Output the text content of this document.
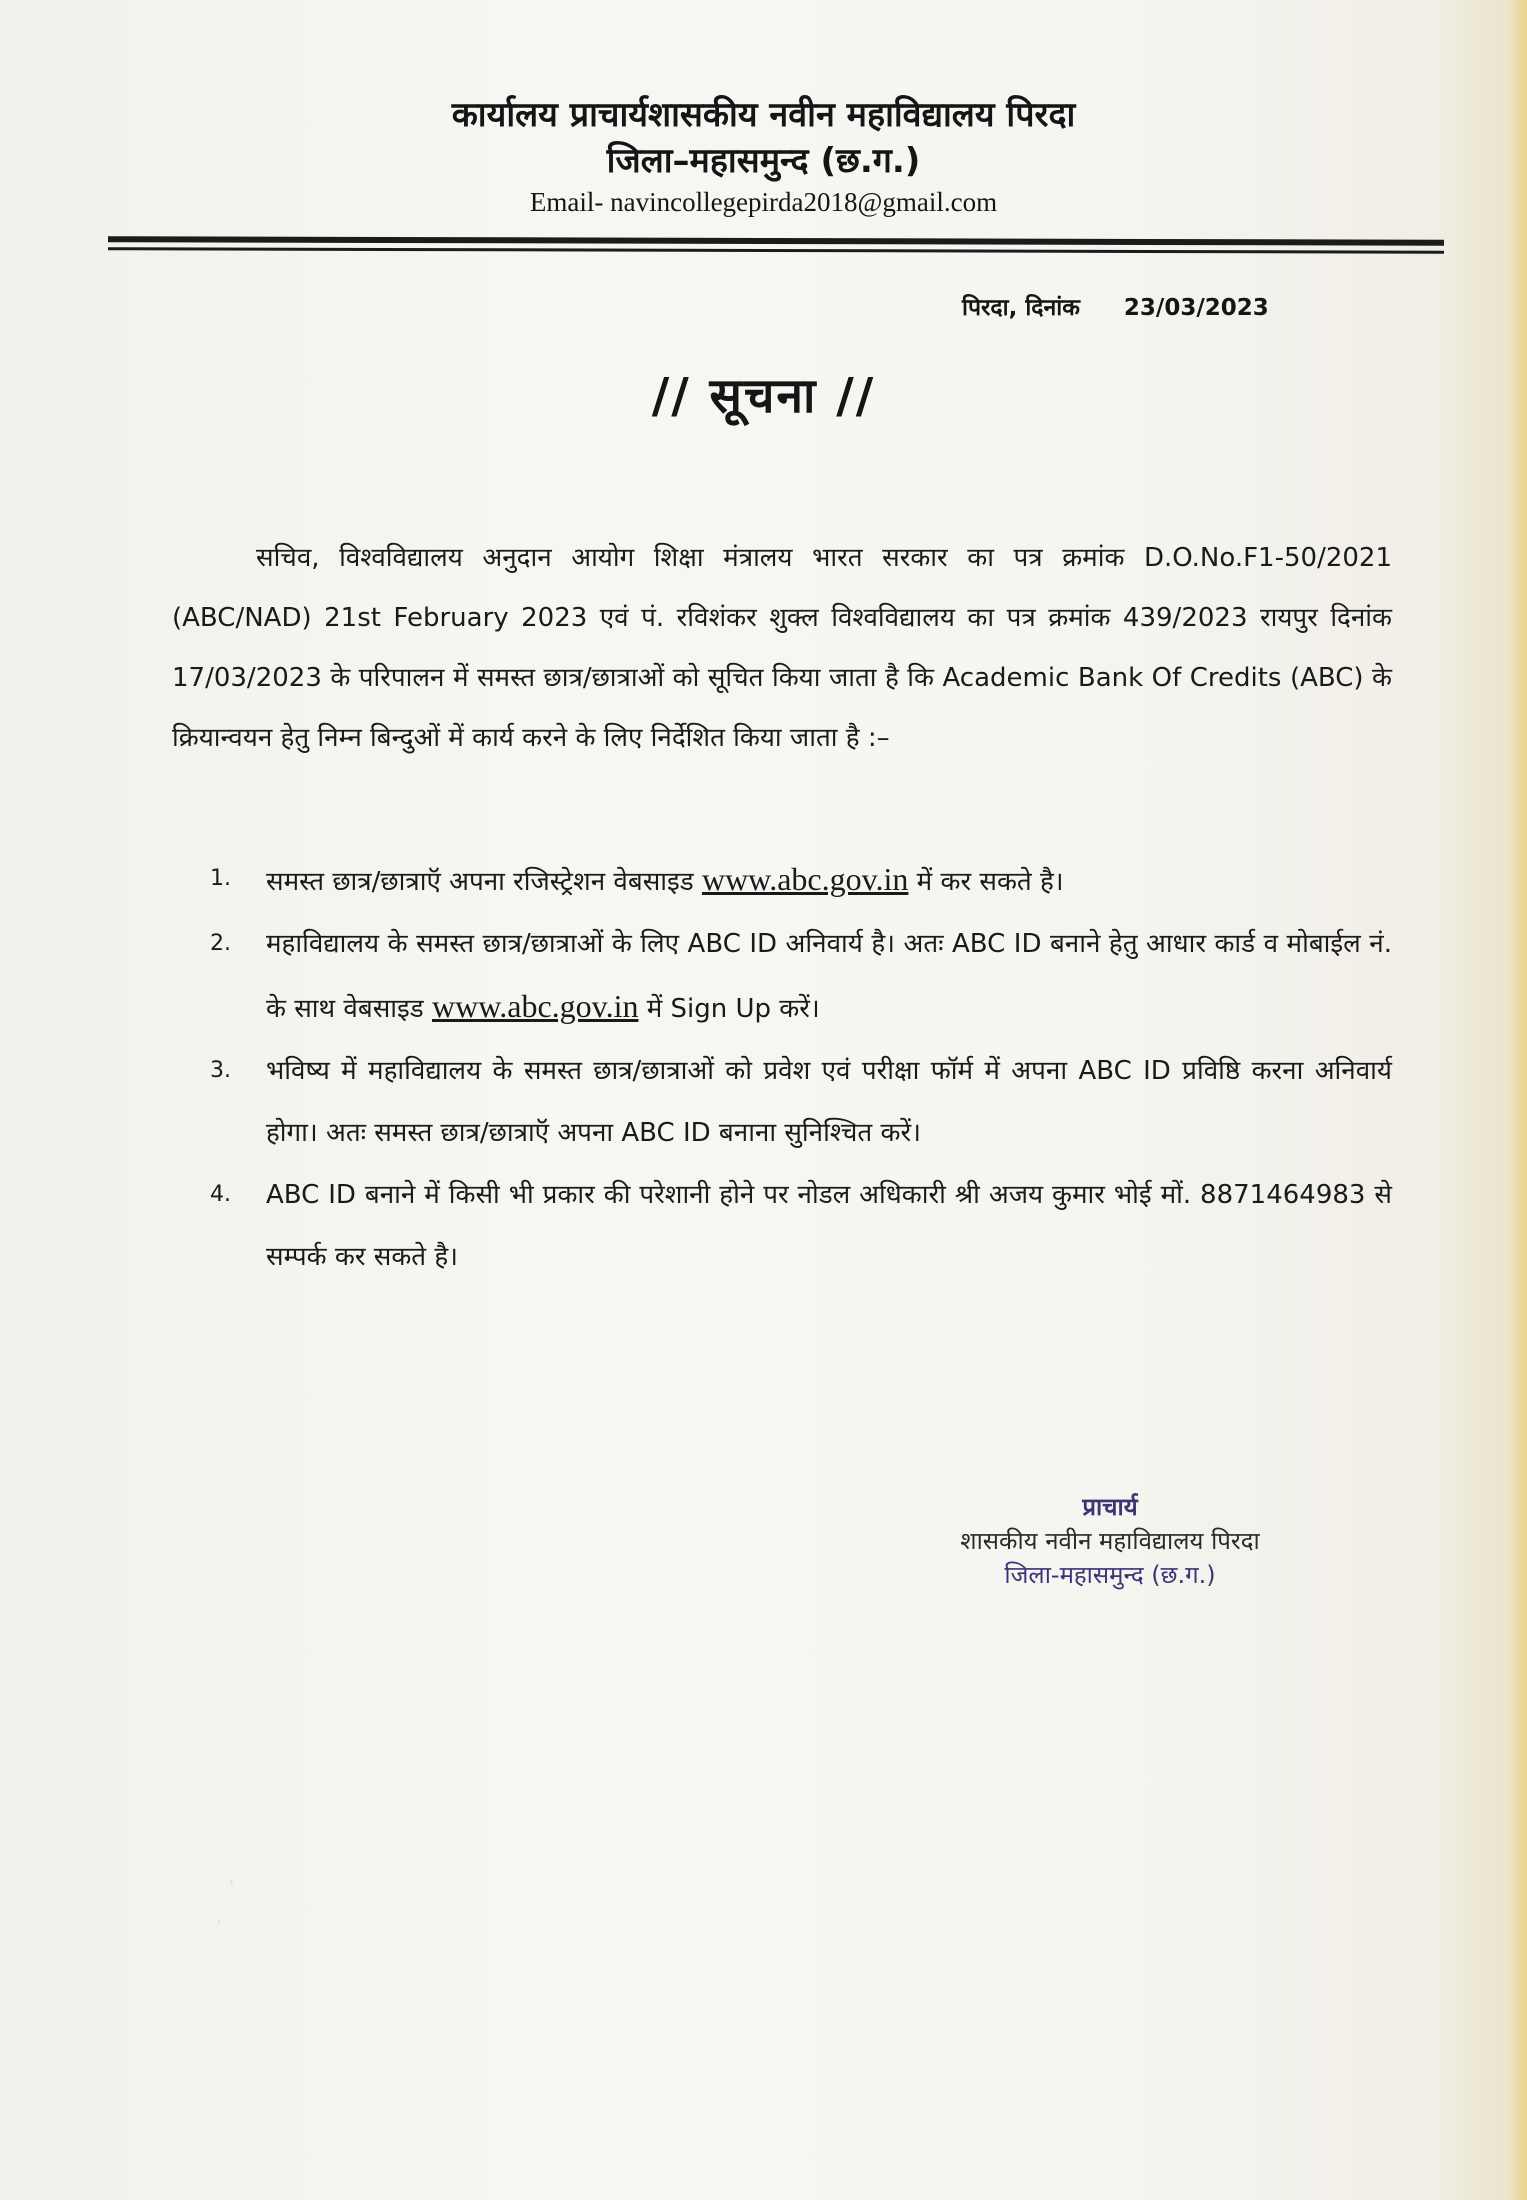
कार्यालय प्राचार्यशासकीय नवीन महाविद्यालय पिरदा
जिला–महासमुन्द (छ.ग.)
Email- navincollegepirda2018@gmail.com
पिरदा, दिनांक 23/03/2023
// सूचना //
सचिव, विश्वविद्यालय अनुदान आयोग शिक्षा मंत्रालय भारत सरकार का पत्र क्रमांक D.O.No.F1-50/2021 (ABC/NAD) 21st February 2023 एवं पं. रविशंकर शुक्ल विश्वविद्यालय का पत्र क्रमांक 439/2023 रायपुर दिनांक 17/03/2023 के परिपालन में समस्त छात्र/छात्राओं को सूचित किया जाता है कि Academic Bank Of Credits (ABC) के क्रियान्वयन हेतु निम्न बिन्दुओं में कार्य करने के लिए निर्देशित किया जाता है :–
1. समस्त छात्र/छात्राऍ अपना रजिस्ट्रेशन वेबसाइड www.abc.gov.in में कर सकते है।
2. महाविद्यालय के समस्त छात्र/छात्राओं के लिए ABC ID अनिवार्य है। अतः ABC ID बनाने हेतु आधार कार्ड व मोबाईल नं. के साथ वेबसाइड www.abc.gov.in में Sign Up करें।
3. भविष्य में महाविद्यालय के समस्त छात्र/छात्राओं को प्रवेश एवं परीक्षा फॉर्म में अपना ABC ID प्रविष्ठि करना अनिवार्य होगा। अतः समस्त छात्र/छात्राऍ अपना ABC ID बनाना सुनिश्चित करें।
4. ABC ID बनाने में किसी भी प्रकार की परेशानी होने पर नोडल अधिकारी श्री अजय कुमार भोई मों. 8871464983 से सम्पर्क कर सकते है।
प्राचार्य
शासकीय नवीन महाविद्यालय पिरदा
जिला-महासमुन्द (छ.ग.)
